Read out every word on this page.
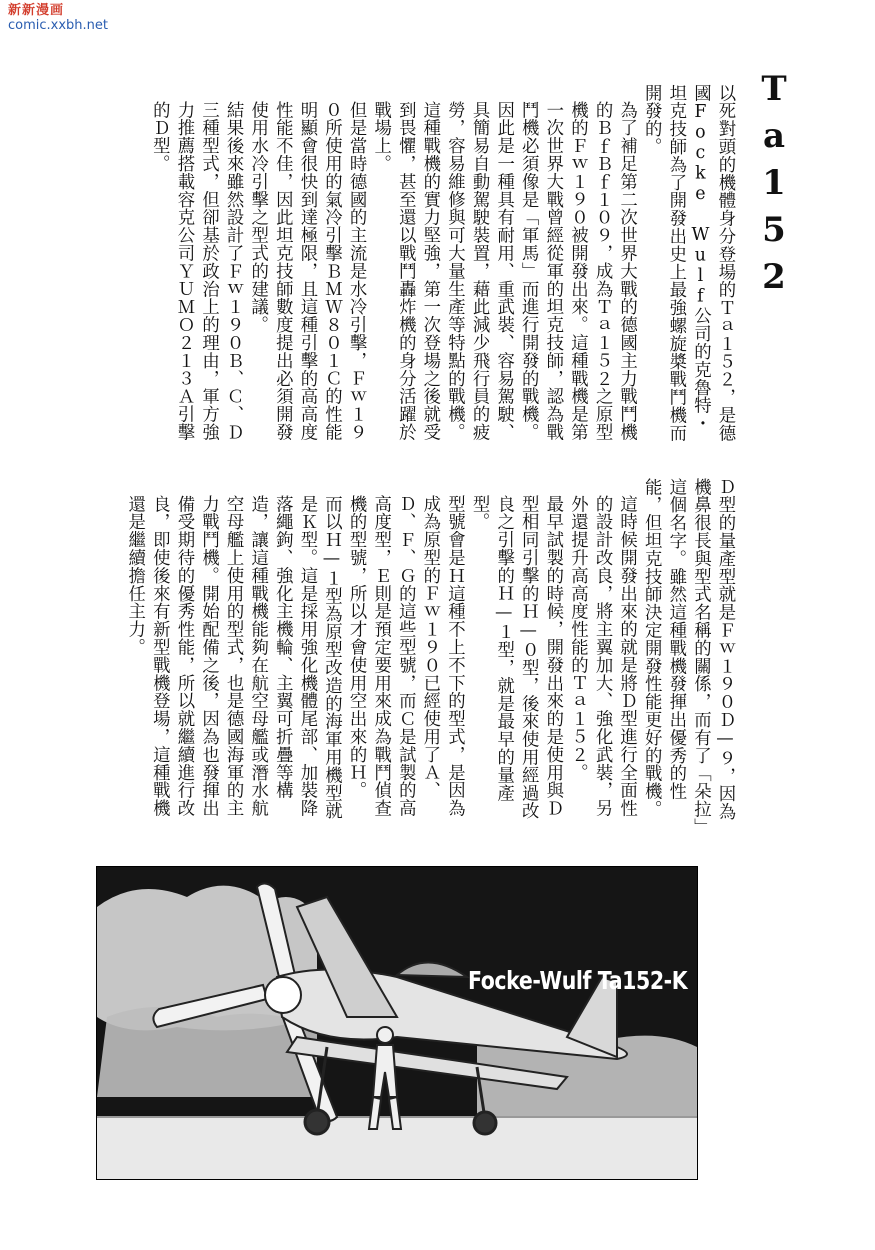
新新漫画
comic.xxbh.net
T
a
1
5
2

以死對頭的機體身分登場的Ｔａ１５２，是德國Focke Wulf公司的克魯特・坦克技師為了開發出史上最強螺旋槳戰鬥機而開發的。

為了補足第二次世界大戰的德國主力戰鬥機的ＢｆＢｆ１０９，成為Ｔａ１５２之原型機的Ｆｗ１９０被開發出來。這種戰機是第一次世界大戰曾經從軍的坦克技師，認為戰鬥機必須像是「軍馬」而進行開發的戰機。因此是一種具有耐用、重武裝、容易駕駛、具簡易自動駕駛裝置，藉此減少飛行員的疲勞，容易維修與可大量生產等特點的戰機。這種戰機的實力堅強，第一次登場之後就受到畏懼，甚至還以戰鬥轟炸機的身分活躍於戰場上。

但是當時德國的主流是水冷引擊，Ｆｗ１９０所使用的氣冷引擊ＢＭＷ８０１Ｃ的性能明顯會很快到達極限，且這種引擊的高高度性能不佳，因此坦克技師數度提出必須開發使用水冷引擊之型式的建議。

結果後來雖然設計了Ｆｗ１９０Ｂ、Ｃ、Ｄ三種型式，但卻基於政治上的理由，軍方強力推薦搭載容克公司ＹＵＭＯ２１３Ａ引擊的Ｄ型。

Ｄ型的量產型就是Ｆｗ１９０Ｄ—９，因為機鼻很長與型式名稱的關係，而有了「朵拉」這個名字。雖然這種戰機發揮出優秀的性能，但坦克技師決定開發性能更好的戰機。

這時候開發出來的就是將Ｄ型進行全面性的設計改良，將主翼加大、強化武裝，另外還提升高高度性能的Ｔａ１５２。

最早試製的時候，開發出來的是使用與Ｄ型相同引擊的Ｈ—０型，後來使用經過改良之引擊的Ｈ—１型，就是最早的量產型。

型號會是Ｈ這種不上不下的型式，是因為成為原型的Ｆｗ１９０已經使用了Ａ、Ｄ、Ｆ、Ｇ的這些型號，而Ｃ是試製的高高度型，Ｅ則是預定要用來成為戰鬥偵查機的型號，所以才會使用空出來的Ｈ。

而以Ｈ—１型為原型改造的海軍用機型就是Ｋ型。這是採用強化機體尾部、加裝降落繩鉤、強化主機輪、主翼可折疊等構造，讓這種戰機能夠在航空母艦或潛水航空母艦上使用的型式，也是德國海軍的主力戰鬥機。開始配備之後，因為也發揮出備受期待的優秀性能，所以就繼續進行改良，即使後來有新型戰機登場，這種戰機還是繼續擔任主力。

Focke-Wulf Ta152-K
